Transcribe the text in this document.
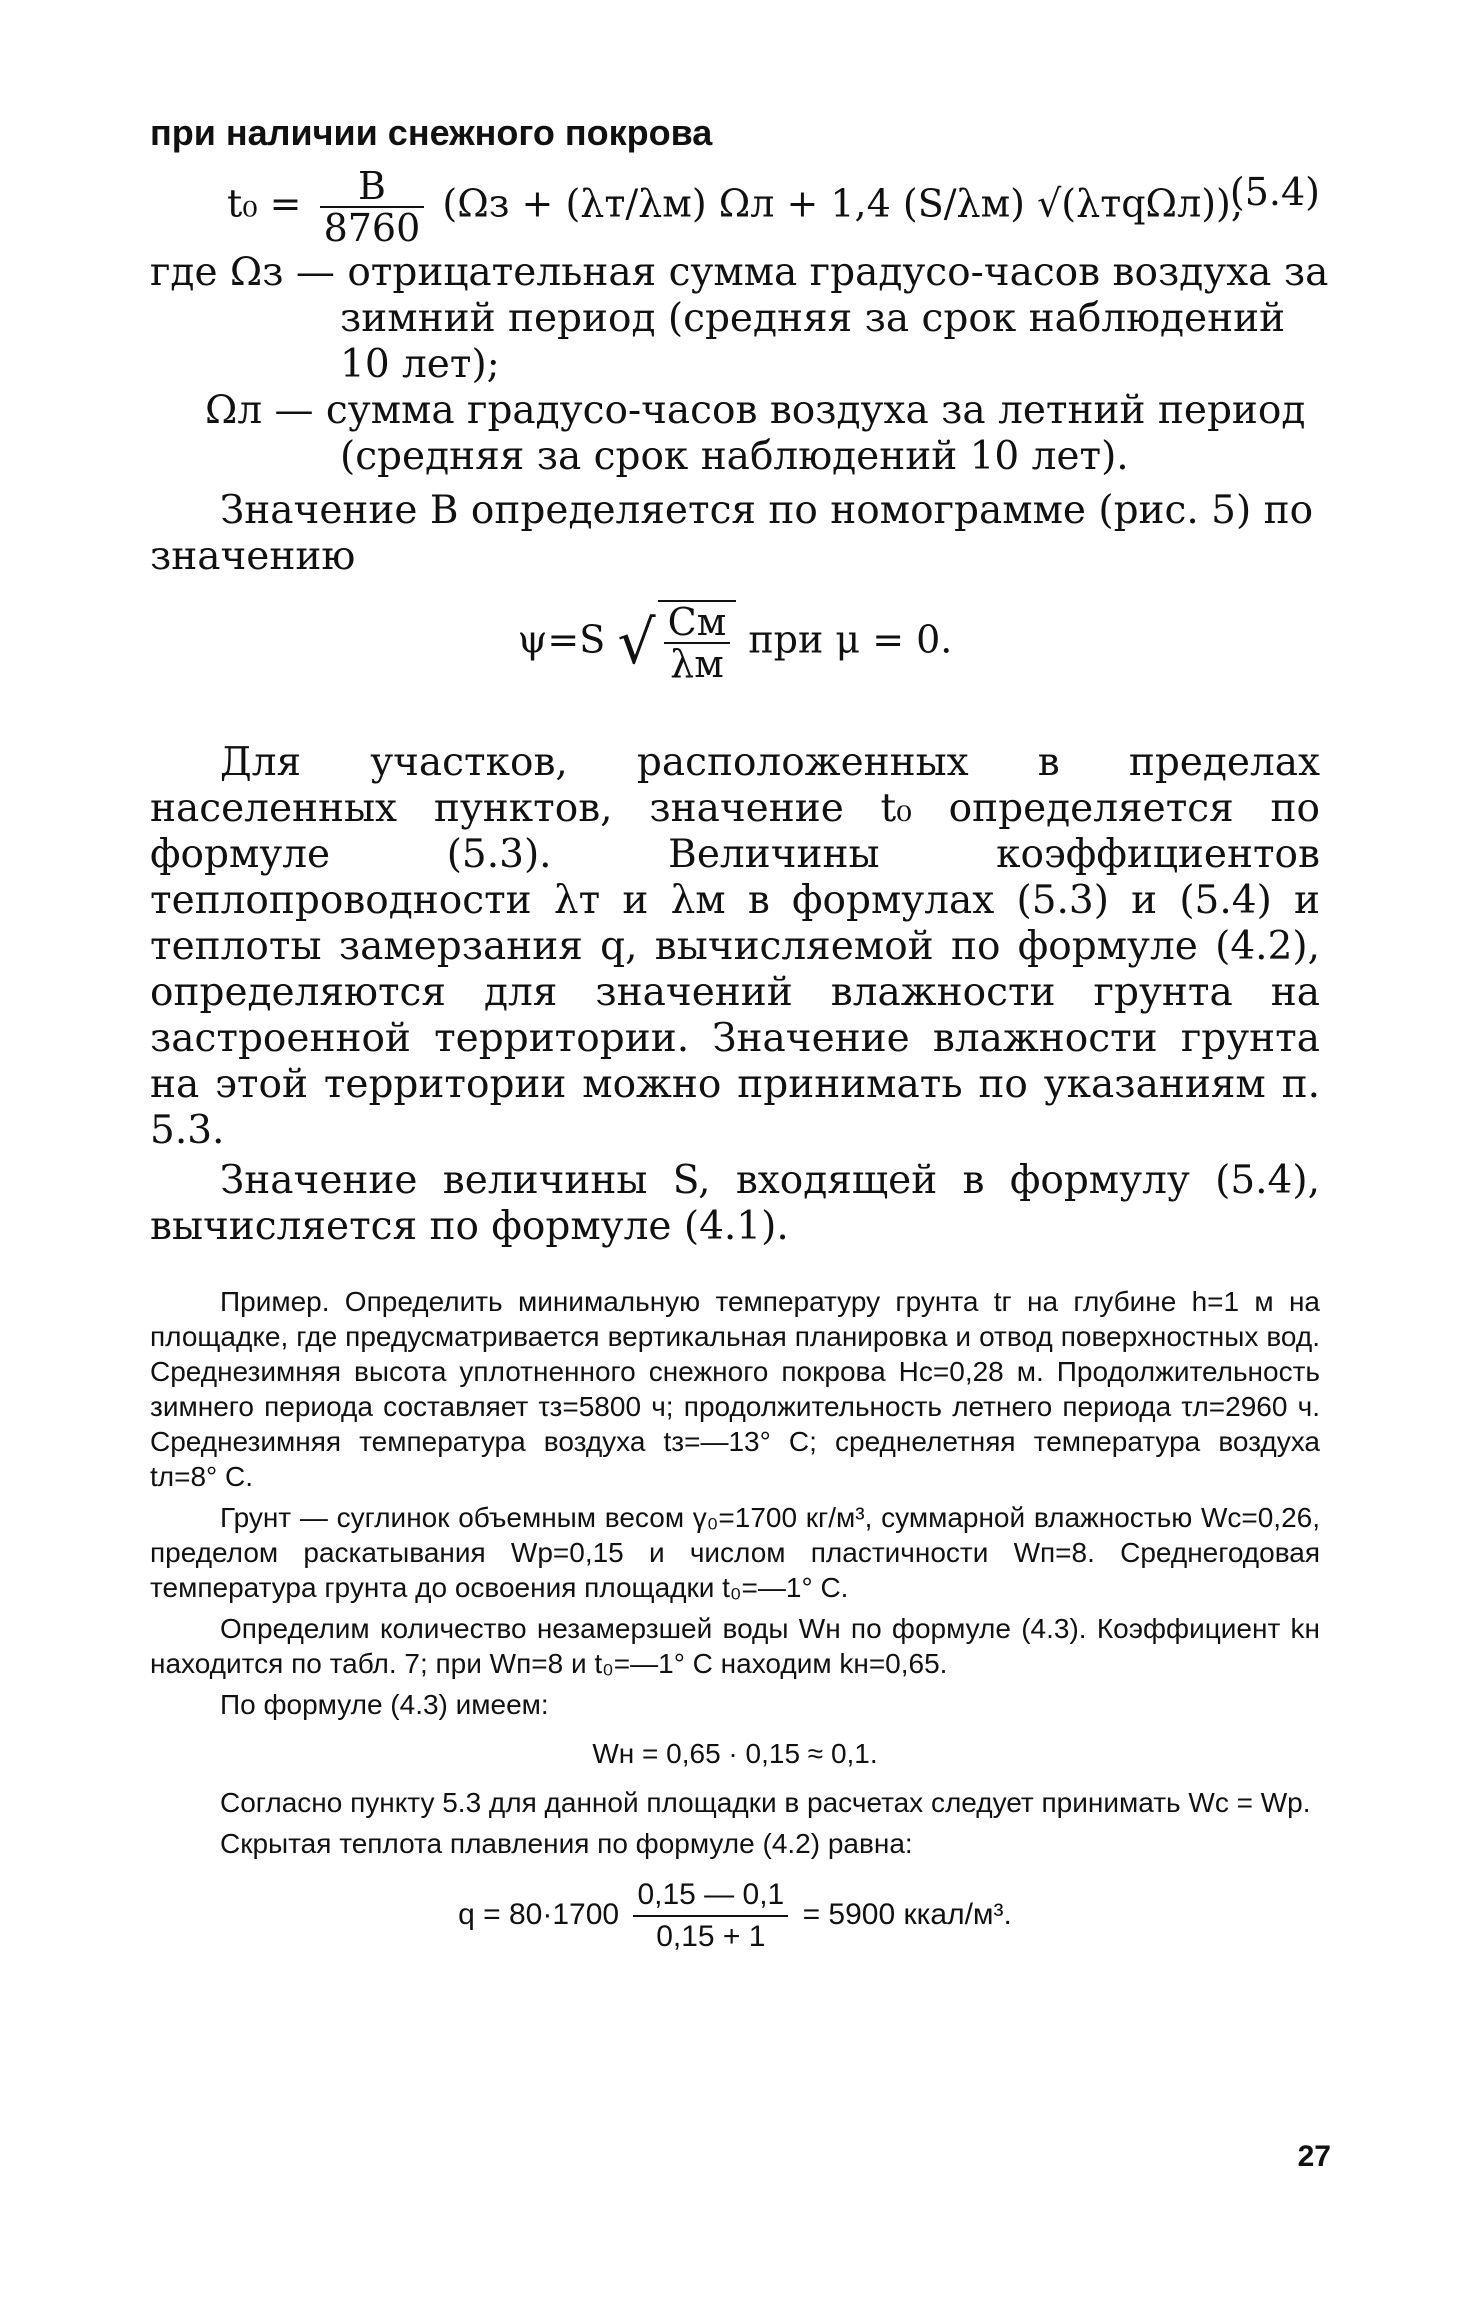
при наличии снежного покрова
$t_0 = \frac{B}{8760} (\Omega з + (\lambda т/\lambda м) \Omega л + 1,4$ (S/λм) √(λтqΩл)),
(5.4)
где Ωз — отрицательная сумма градусо-часов воздуха за
зимний период (средняя за срок наблюдений
10 лет);
Ωл — сумма градусо-часов воздуха за летний период
(средняя за срок наблюдений 10 лет).
Значение B определяется по номограмме (рис. 5) по
значению
ψ=S √ $\frac{Cм}{\lambda м}$ при μ = 0.
Для участков, расположенных в пределах населенных пунктов, значение t₀ определяется по формуле (5.3). Величины коэффициентов теплопроводности λт и λм в формулах (5.3) и (5.4) и теплоты замерзания q, вычисляемой по формуле (4.2), определяются для значений влажности грунта на застроенной территории. Значение влажности грунта на этой территории можно принимать по указаниям п. 5.3.
Значение величины S, входящей в формулу (5.4), вычисляется по формуле (4.1).
Пример. Определить минимальную температуру грунта tг на глубине h=1 м на площадке, где предусматривается вертикальная планировка и отвод поверхностных вод. Среднезимняя высота уплотненного снежного покрова Hс=0,28 м. Продолжительность зимнего периода составляет τз=5800 ч; продолжительность летнего периода τл=2960 ч. Среднезимняя температура воздуха tз=—13° С; среднелетняя температура воздуха tл=8° С.
Грунт — суглинок объемным весом γ₀=1700 кг/м³, суммарной влажностью Wс=0,26, пределом раскатывания Wр=0,15 и числом пластичности Wп=8. Среднегодовая температура грунта до освоения площадки t₀=—1° С.
Определим количество незамерзшей воды Wн по формуле (4.3). Коэффициент kн находится по табл. 7; при Wп=8 и t₀=—1° С находим kн=0,65.
По формуле (4.3) имеем:
Wн = 0,65 · 0,15 ≈ 0,1.
Согласно пункту 5.3 для данной площадки в расчетах следует принимать Wс = Wр.
Скрытая теплота плавления по формуле (4.2) равна:
$q = 80\cdot 1700 \frac{0,15 — 0,1}{0,15 + 1} = 5900$ ккал/м³.
27
